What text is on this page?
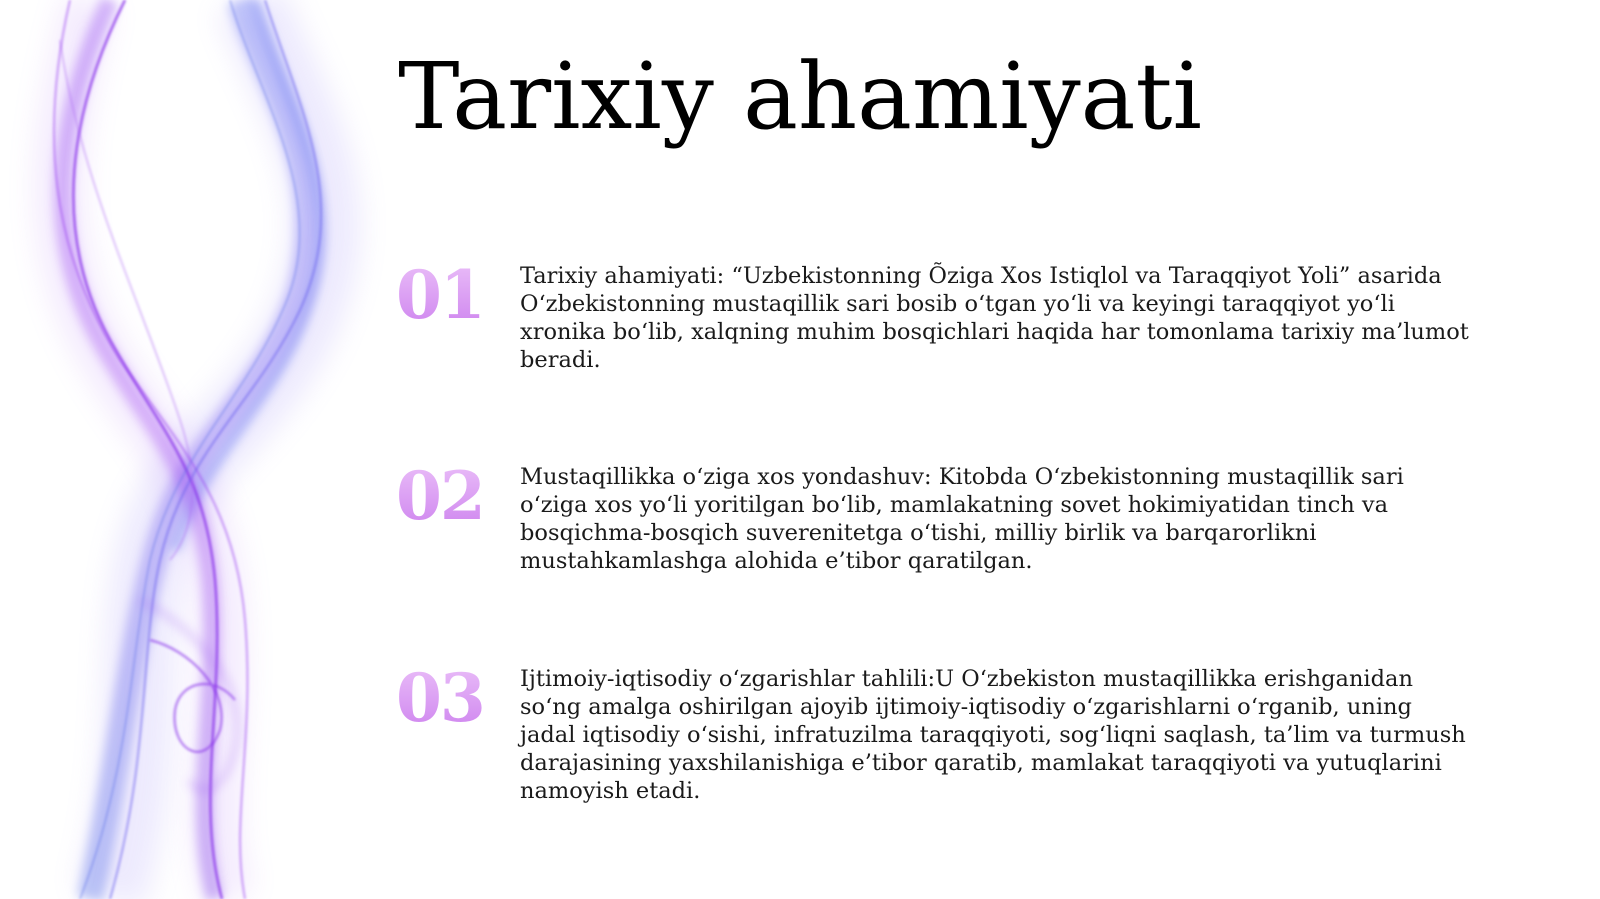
Tarixiy ahamiyati
01	Tarixiy ahamiyati: “Uzbekistonning Õziga Xos Istiqlol va Taraqqiyot Yoli” asarida O‘zbekistonning mustaqillik sari bosib o‘tgan yo‘li va keyingi taraqqiyot yo‘li xronika bo‘lib, xalqning muhim bosqichlari haqida har tomonlama tarixiy ma’lumot beradi.

02	Mustaqillikka o‘ziga xos yondashuv: Kitobda O‘zbekistonning mustaqillik sari o‘ziga xos yo‘li yoritilgan bo‘lib, mamlakatning sovet hokimiyatidan tinch va bosqichma-bosqich suverenitetga o‘tishi, milliy birlik va barqarorlikni mustahkamlashga alohida e’tibor qaratilgan.

03	Ijtimoiy-iqtisodiy o‘zgarishlar tahlili:U O‘zbekiston mustaqillikka erishganidan so‘ng amalga oshirilgan ajoyib ijtimoiy-iqtisodiy o‘zgarishlarni o‘rganib, uning jadal iqtisodiy o‘sishi, infratuzilma taraqqiyoti, sog‘liqni saqlash, ta’lim va turmush darajasining yaxshilanishiga e’tibor qaratib, mamlakat taraqqiyoti va yutuqlarini namoyish etadi.
